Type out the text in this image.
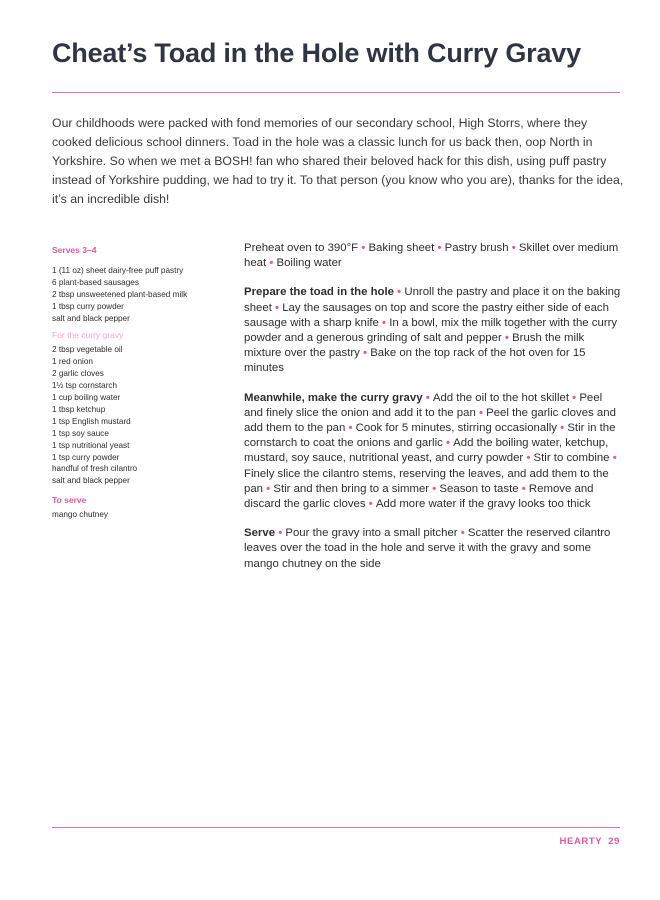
Cheat’s Toad in the Hole with Curry Gravy

Our childhoods were packed with fond memories of our secondary school, High Storrs, where they cooked delicious school dinners. Toad in the hole was a classic lunch for us back then, oop North in Yorkshire. So when we met a BOSH! fan who shared their beloved hack for this dish, using puff pastry instead of Yorkshire pudding, we had to try it. To that person (you know who you are), thanks for the idea, it’s an incredible dish!

Serves 3–4
1 (11 oz) sheet dairy-free puff pastry
6 plant-based sausages
2 tbsp unsweetened plant-based milk
1 tbsp curry powder
salt and black pepper
For the curry gravy
2 tbsp vegetable oil
1 red onion
2 garlic cloves
1½ tsp cornstarch
1 cup boiling water
1 tbsp ketchup
1 tsp English mustard
1 tsp soy sauce
1 tsp nutritional yeast
1 tsp curry powder
handful of fresh cilantro
salt and black pepper
To serve
mango chutney

Preheat oven to 390°F • Baking sheet • Pastry brush • Skillet over medium heat • Boiling water

Prepare the toad in the hole • Unroll the pastry and place it on the baking sheet • Lay the sausages on top and score the pastry either side of each sausage with a sharp knife • In a bowl, mix the milk together with the curry powder and a generous grinding of salt and pepper • Brush the milk mixture over the pastry • Bake on the top rack of the hot oven for 15 minutes

Meanwhile, make the curry gravy • Add the oil to the hot skillet • Peel and finely slice the onion and add it to the pan • Peel the garlic cloves and add them to the pan • Cook for 5 minutes, stirring occasionally • Stir in the cornstarch to coat the onions and garlic • Add the boiling water, ketchup, mustard, soy sauce, nutritional yeast, and curry powder • Stir to combine • Finely slice the cilantro stems, reserving the leaves, and add them to the pan • Stir and then bring to a simmer • Season to taste • Remove and discard the garlic cloves • Add more water if the gravy looks too thick

Serve • Pour the gravy into a small pitcher • Scatter the reserved cilantro leaves over the toad in the hole and serve it with the gravy and some mango chutney on the side

HEARTY 29
